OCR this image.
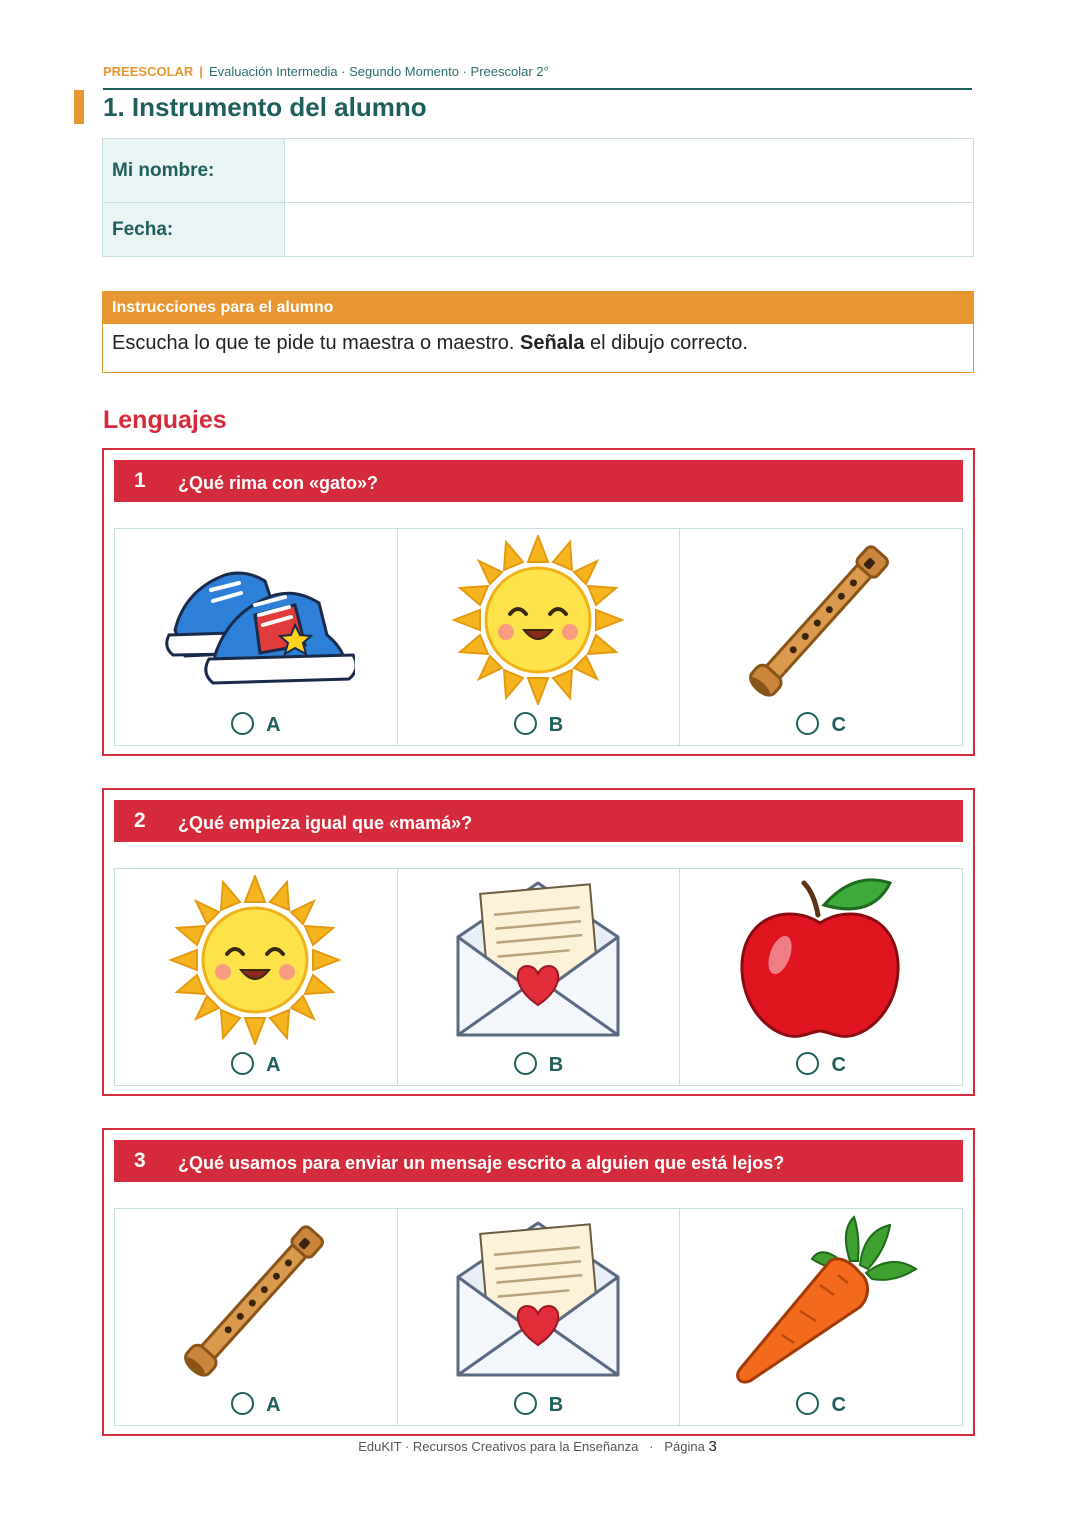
PREESCOLAR | Evaluación Intermedia · Segundo Momento · Preescolar 2°
1. Instrumento del alumno
Mi nombre:	
Fecha:	
Instrucciones para el alumno
Escucha lo que te pide tu maestra o maestro. Señala el dibujo correcto.
Lenguajes
1 ¿Qué rima con «gato»?
A	B	C
2 ¿Qué empieza igual que «mamá»?
A	B	C
3 ¿Qué usamos para enviar un mensaje escrito a alguien que está lejos?
A	B	C
EduKIT · Recursos Creativos para la Enseñanza   ·   Página 3
